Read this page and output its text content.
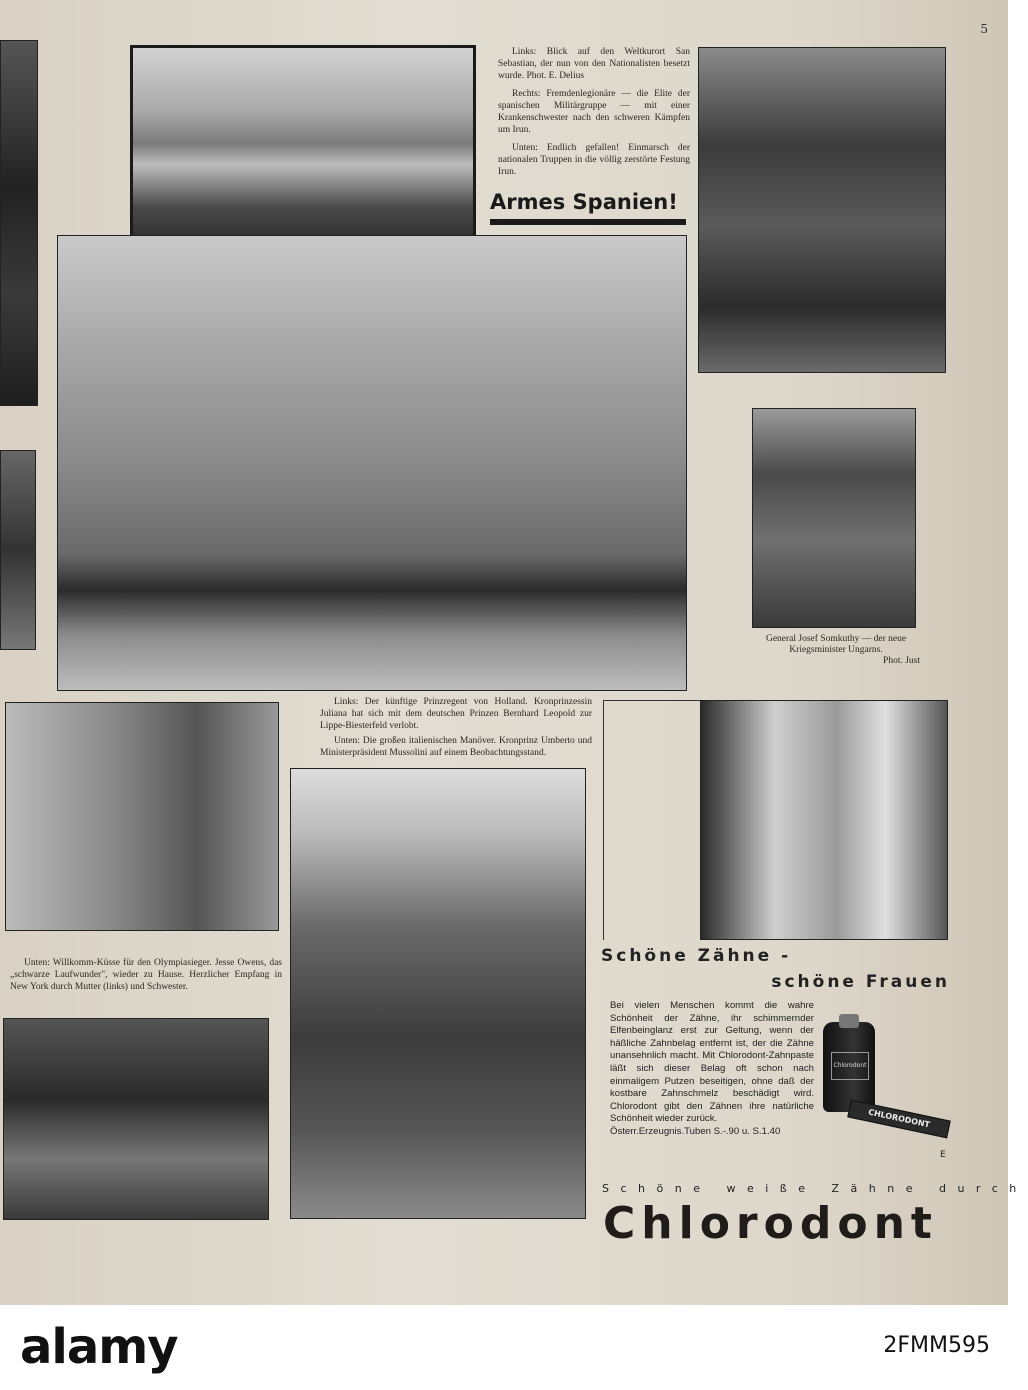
5

Links: Blick auf den Weltkurort San Sebastian, der nun von den Nationalisten besetzt wurde. Phot. E. Delius

Rechts: Fremdenlegionäre — die Elite der spanischen Militärgruppe — mit einer Krankenschwester nach den schweren Kämpfen um Irun.

Unten: Endlich gefallen! Einmarsch der nationalen Truppen in die völlig zerstörte Festung Irun.

Armes Spanien!
General Josef Somkuthy — der neue Kriegsminister Ungarns.
Phot. Just

Links: Der künftige Prinzregent von Holland. Kronprinzessin Juliana hat sich mit dem deutschen Prinzen Bernhard Leopold zur Lippe-Biesterfeld verlobt.

Unten: Die großen italienischen Manöver. Kronprinz Umberto und Ministerpräsident Mussolini auf einem Beobachtungsstand.

Unten: Willkomm-Küsse für den Olympiasieger. Jesse Owens, das „schwarze Laufwunder", wieder zu Hause. Herzlicher Empfang in New York durch Mutter (links) und Schwester.

Schöne Zähne -
schöne Frauen
Bei vielen Menschen kommt die wahre Schönheit der Zähne, ihr schimmernder Elfenbeinglanz erst zur Geltung, wenn der häßliche Zahnbelag entfernt ist, der die Zähne unansehnlich macht. Mit Chlorodont-Zahnpaste läßt sich dieser Belag oft schon nach einmaligem Putzen beseitigen, ohne daß der kostbare Zahnschmelz beschädigt wird. Chlorodont gibt den Zähnen ihre natürliche Schönheit wieder zurück.
Österr.Erzeugnis.Tuben S.-.90 u. S.1.40
Chlorodont
CHLORODONT
E
Schöne weiße Zähne durch
Chlorodont
alamy	2FMM595
